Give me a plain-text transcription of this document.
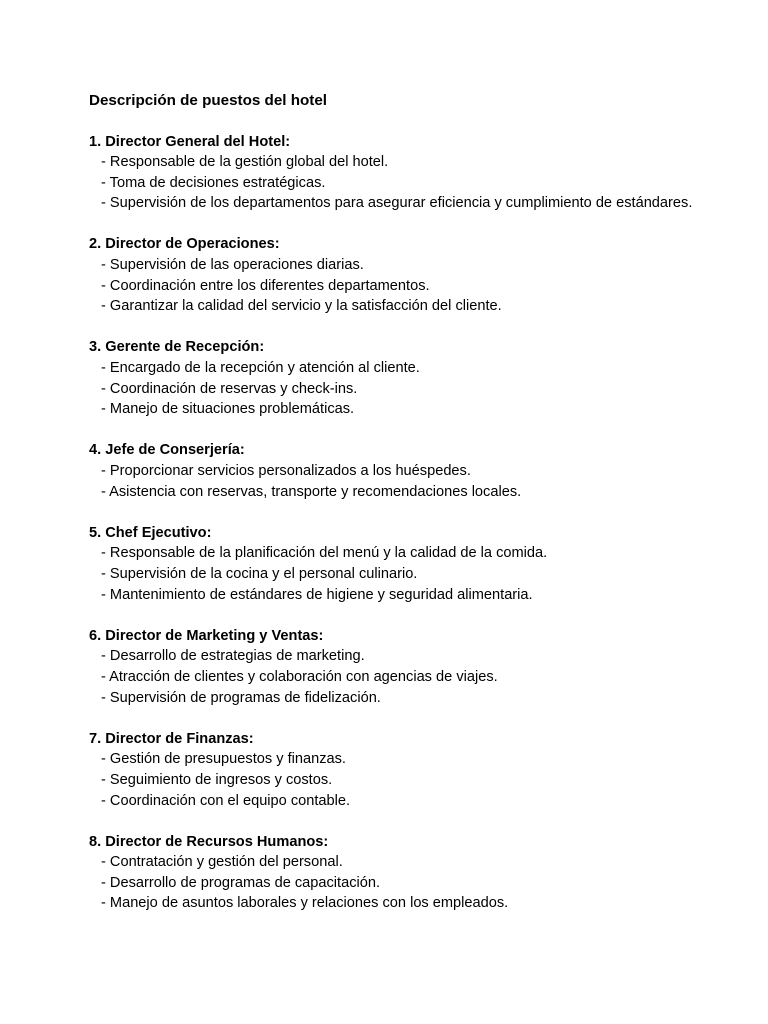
Descripción de puestos del hotel

1. Director General del Hotel:

- Responsable de la gestión global del hotel.
- Toma de decisiones estratégicas.
- Supervisión de los departamentos para asegurar eficiencia y cumplimiento de estándares.

2. Director de Operaciones:

- Supervisión de las operaciones diarias.
- Coordinación entre los diferentes departamentos.
- Garantizar la calidad del servicio y la satisfacción del cliente.

3. Gerente de Recepción:

- Encargado de la recepción y atención al cliente.
- Coordinación de reservas y check-ins.
- Manejo de situaciones problemáticas.

4. Jefe de Conserjería:

- Proporcionar servicios personalizados a los huéspedes.
- Asistencia con reservas, transporte y recomendaciones locales.

5. Chef Ejecutivo:

- Responsable de la planificación del menú y la calidad de la comida.
- Supervisión de la cocina y el personal culinario.
- Mantenimiento de estándares de higiene y seguridad alimentaria.

6. Director de Marketing y Ventas:

- Desarrollo de estrategias de marketing.
- Atracción de clientes y colaboración con agencias de viajes.
- Supervisión de programas de fidelización.

7. Director de Finanzas:

- Gestión de presupuestos y finanzas.
- Seguimiento de ingresos y costos.
- Coordinación con el equipo contable.

8. Director de Recursos Humanos:

- Contratación y gestión del personal.
- Desarrollo de programas de capacitación.
- Manejo de asuntos laborales y relaciones con los empleados.
